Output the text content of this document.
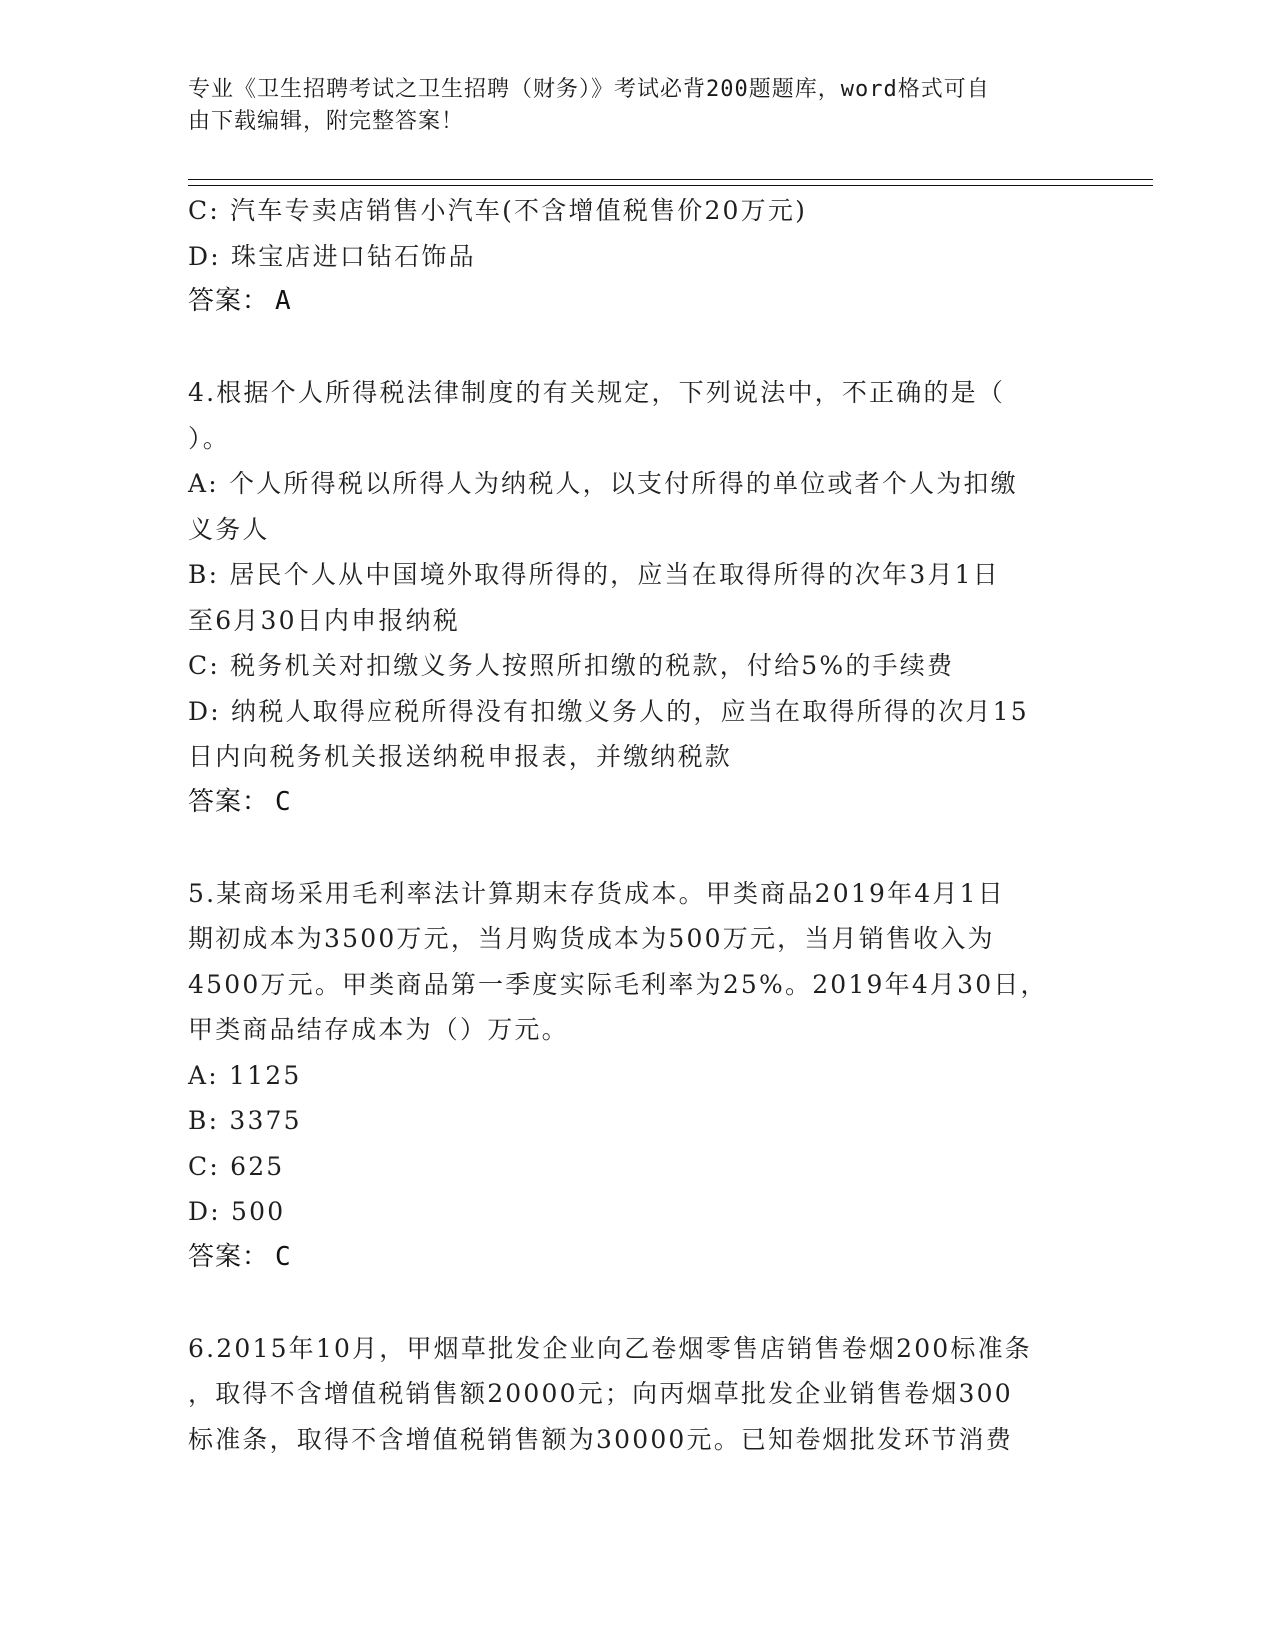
专业《卫生招聘考试之卫生招聘（财务）》考试必背200题题库，word格式可自
由下载编辑，附完整答案！
C: 汽车专卖店销售小汽车(不含增值税售价20万元)
D: 珠宝店进口钻石饰品
答案： A
4.根据个人所得税法律制度的有关规定，下列说法中，不正确的是（
）。
A: 个人所得税以所得人为纳税人，以支付所得的单位或者个人为扣缴
义务人
B: 居民个人从中国境外取得所得的，应当在取得所得的次年3月1日
至6月30日内申报纳税
C: 税务机关对扣缴义务人按照所扣缴的税款，付给5%的手续费
D: 纳税人取得应税所得没有扣缴义务人的，应当在取得所得的次月15
日内向税务机关报送纳税申报表，并缴纳税款
答案： C
5.某商场采用毛利率法计算期末存货成本。甲类商品2019年4月1日
期初成本为3500万元，当月购货成本为500万元，当月销售收入为
4500万元。甲类商品第一季度实际毛利率为25%。2019年4月30日，
甲类商品结存成本为（）万元。
A: 1125
B: 3375
C: 625
D: 500
答案： C
6.2015年10月，甲烟草批发企业向乙卷烟零售店销售卷烟200标准条
，取得不含增值税销售额20000元；向丙烟草批发企业销售卷烟300
标准条，取得不含增值税销售额为30000元。已知卷烟批发环节消费
